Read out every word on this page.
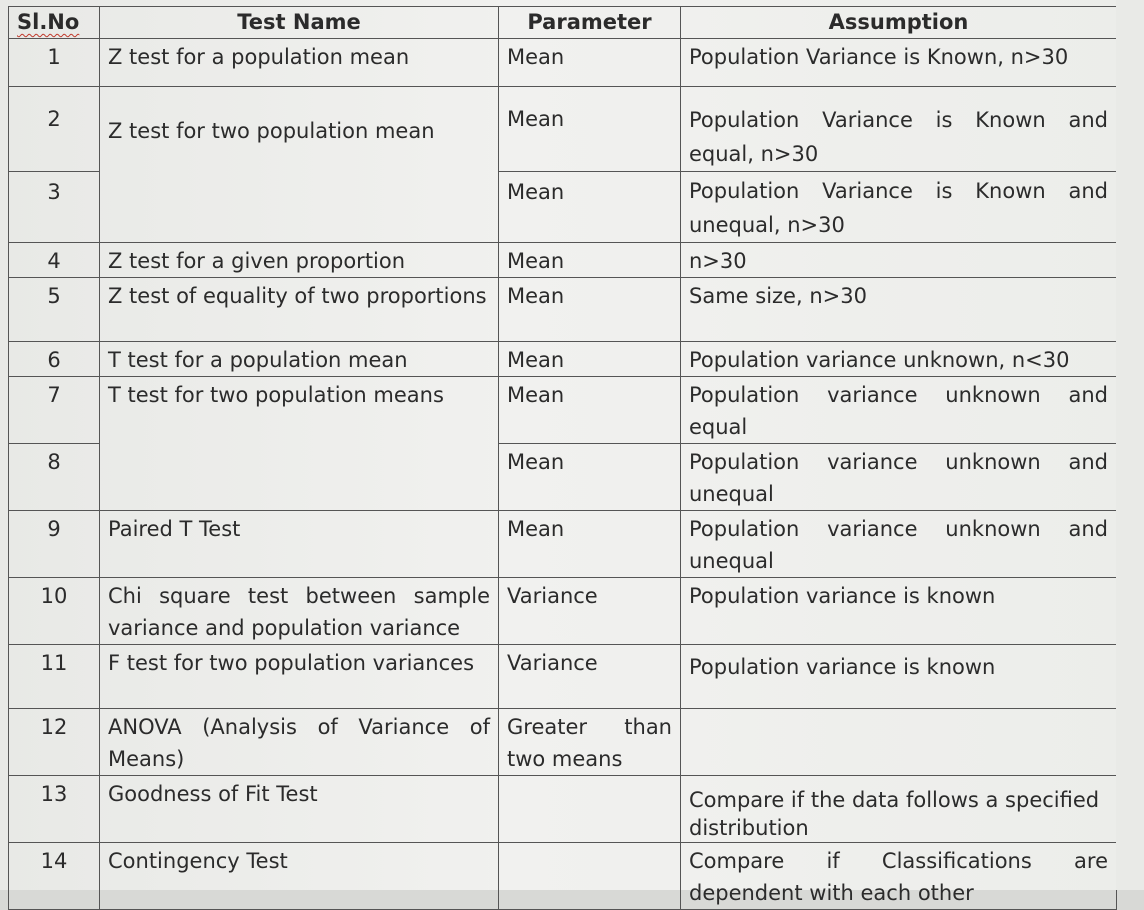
Sl.No	Test Name	Parameter	Assumption
1	Z test for a population mean	Mean	Population Variance is Known, n>30
2	Z test for two population mean	Mean	Population Variance is Known and equal, n>30
3		Mean	Population Variance is Known and unequal, n>30
4	Z test for a given proportion	Mean	n>30
5	Z test of equality of two proportions	Mean	Same size, n>30
6	T test for a population mean	Mean	Population variance unknown, n<30
7	T test for two population means	Mean	Population variance unknown and equal
8		Mean	Population variance unknown and unequal
9	Paired T Test	Mean	Population variance unknown and unequal
10	Chi square test between sample variance and population variance	Variance	Population variance is known
11	F test for two population variances	Variance	Population variance is known
12	ANOVA (Analysis of Variance of Means)	Greater than two means	
13	Goodness of Fit Test		Compare if the data follows a specified distribution
14	Contingency Test		Compare if Classifications are dependent with each other
